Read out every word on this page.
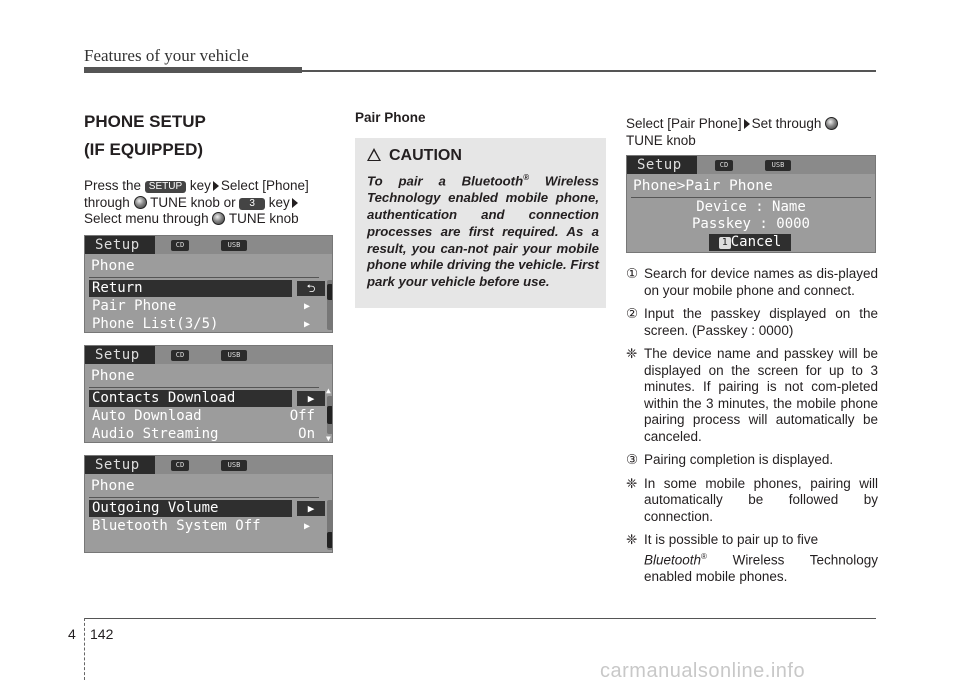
Features of your vehicle
PHONE SETUP
(IF EQUIPPED)
Press the SETUP key Select [Phone]
through TUNE knob or 3 key
Select menu through TUNE knob
Setup	CD	USB
Phone
Return	⮌
Pair Phone	▶
Phone List(3/5)	▶
Setup	CD	USB
Phone
Contacts Download	▶
Auto Download	Off
Audio Streaming	On
▲
▼
Setup	CD	USB
Phone
Outgoing Volume	▶
Bluetooth System Off	▶
Pair Phone
CAUTION
To pair a Bluetooth® Wireless Technology enabled mobile phone, authentication and connection processes are first required. As a result, you can-not pair your mobile phone while driving the vehicle. First park your vehicle before use.
Select [Pair Phone] Set through
TUNE knob
Setup	CD	USB
Phone>Pair Phone
Device : Name
Passkey : 0000
1 Cancel
① Search for device names as dis-played on your mobile phone and connect.
② Input the passkey displayed on the screen. (Passkey : 0000)
❈ The device name and passkey will be displayed on the screen for up to 3 minutes. If pairing is not com-pleted within the 3 minutes, the mobile phone pairing process will automatically be canceled.
③ Pairing completion is displayed.
❈ In some mobile phones, pairing will automatically be followed by connection.
❈ It is possible to pair up to five
Bluetooth® Wireless Technology enabled mobile phones.
4 142
carmanualsonline.info
